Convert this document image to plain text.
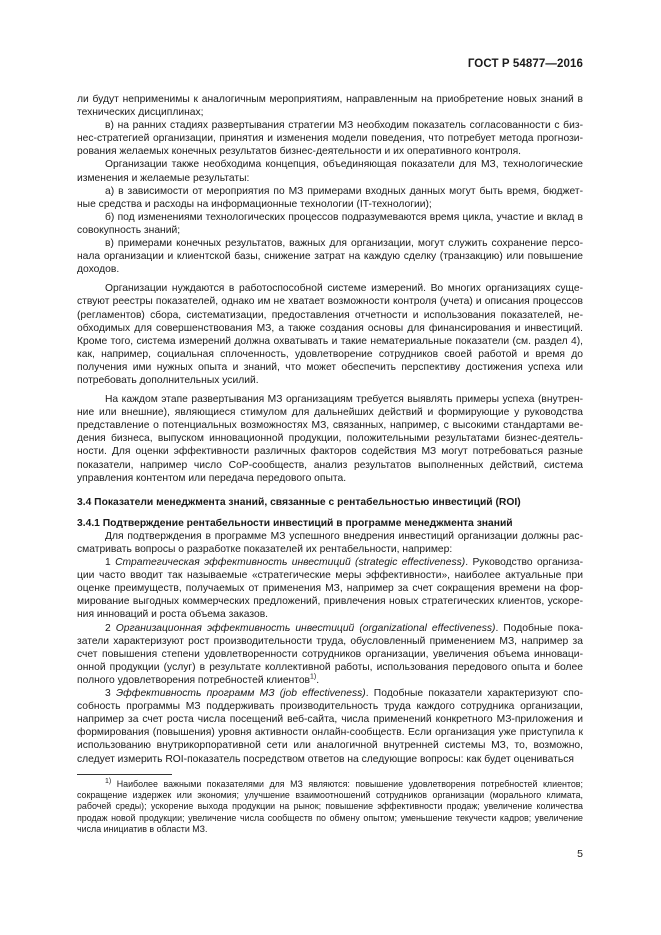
ГОСТ Р 54877—2016

ли будут неприменимы к аналогичным мероприятиям, направленным на приобретение новых знаний в технических дисциплинах;

в) на ранних стадиях развертывания стратегии МЗ необходим показатель согласованности с бизнес-стратегией организации, принятия и изменения модели поведения, что потребует метода прогнозирования желаемых конечных результатов бизнес-деятельности и их оперативного контроля.

Организации также необходима концепция, объединяющая показатели для МЗ, технологические изменения и желаемые результаты:

а) в зависимости от мероприятия по МЗ примерами входных данных могут быть время, бюджетные средства и расходы на информационные технологии (IT-технологии);

б) под изменениями технологических процессов подразумеваются время цикла, участие и вклад в совокупность знаний;

в) примерами конечных результатов, важных для организации, могут служить сохранение персонала организации и клиентской базы, снижение затрат на каждую сделку (транзакцию) или повышение доходов.

Организации нуждаются в работоспособной системе измерений. Во многих организациях существуют реестры показателей, однако им не хватает возможности контроля (учета) и описания процессов (регламентов) сбора, систематизации, предоставления отчетности и использования показателей, необходимых для совершенствования МЗ, а также создания основы для финансирования и инвестиций. Кроме того, система измерений должна охватывать и такие нематериальные показатели (см. раздел 4), как, например, социальная сплоченность, удовлетворение сотрудников своей работой и время до получения ими нужных опыта и знаний, что может обеспечить перспективу достижения успеха или потребовать дополнительных усилий.

На каждом этапе развертывания МЗ организациям требуется выявлять примеры успеха (внутренние или внешние), являющиеся стимулом для дальнейших действий и формирующие у руководства представление о потенциальных возможностях МЗ, связанных, например, с высокими стандартами ведения бизнеса, выпуском инновационной продукции, положительными результатами бизнес-деятельности. Для оценки эффективности различных факторов содействия МЗ могут потребоваться разные показатели, например число CoP-сообществ, анализ результатов выполненных действий, система управления контентом или передача передового опыта.

3.4 Показатели менеджмента знаний, связанные с рентабельностью инвестиций (ROI)

3.4.1 Подтверждение рентабельности инвестиций в программе менеджмента знаний

Для подтверждения в программе МЗ успешного внедрения инвестиций организации должны рассматривать вопросы о разработке показателей их рентабельности, например:

1 Стратегическая эффективность инвестиций (strategic effectiveness). Руководство организации часто вводит так называемые «стратегические меры эффективности», наиболее актуальные при оценке преимуществ, получаемых от применения МЗ, например за счет сокращения времени на формирование выгодных коммерческих предложений, привлечения новых стратегических клиентов, ускорения инноваций и роста объема заказов.

2 Организационная эффективность инвестиций (organizational effectiveness). Подобные показатели характеризуют рост производительности труда, обусловленный применением МЗ, например за счет повышения степени удовлетворенности сотрудников организации, увеличения объема инновационной продукции (услуг) в результате коллективной работы, использования передового опыта и более полного удовлетворения потребностей клиентов$^{1)}$.

3 Эффективность программ МЗ (job effectiveness). Подобные показатели характеризуют способность программы МЗ поддерживать производительность труда каждого сотрудника организации, например за счет роста числа посещений веб-сайта, числа применений конкретного МЗ-приложения и формирования (повышения) уровня активности онлайн-сообществ. Если организация уже приступила к использованию внутрикорпоративной сети или аналогичной внутренней системы МЗ, то, возможно, следует измерить ROI-показатель посредством ответов на следующие вопросы: как будет оцениваться

$^{1)}$ Наиболее важными показателями для МЗ являются: повышение удовлетворения потребностей клиентов; сокращение издержек или экономия; улучшение взаимоотношений сотрудников организации (морального климата, рабочей среды); ускорение выхода продукции на рынок; повышение эффективности продаж; увеличение количества продаж новой продукции; увеличение числа сообществ по обмену опытом; уменьшение текучести кадров; увеличение числа инициатив в области МЗ.

5
